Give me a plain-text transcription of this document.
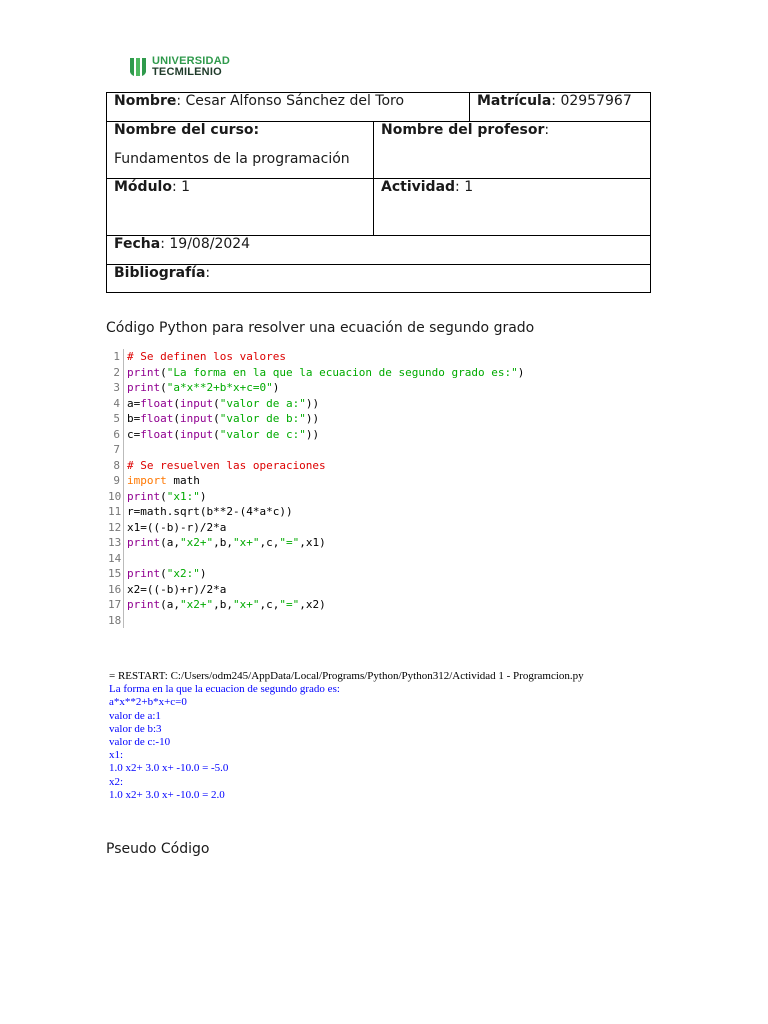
UNIVERSIDAD
TECMILENIO
Nombre: Cesar Alfonso Sánchez del Toro		Matrícula: 02957967
Nombre del curso:
Fundamentos de la programación	Nombre del profesor:	
Módulo: 1	Actividad: 1	
Fecha: 19/08/2024		
Bibliografía:		
Código Python para resolver una ecuación de segundo grado
1 # Se definen los valores
2 print("La forma en la que la ecuacion de segundo grado es:")
3 print("a*x**2+b*x+c=0")
4 a=float(input("valor de a:"))
5 b=float(input("valor de b:"))
6 c=float(input("valor de c:"))
7
8 # Se resuelven las operaciones
9 import math
10 print("x1:")
11 r=math.sqrt(b**2-(4*a*c))
12 x1=((-b)-r)/2*a
13 print(a,"x2+",b,"x+",c,"=",x1)
14
15 print("x2:")
16 x2=((-b)+r)/2*a
17 print(a,"x2+",b,"x+",c,"=",x2)
18
= RESTART: C:/Users/odm245/AppData/Local/Programs/Python/Python312/Actividad 1 - Programcion.py
La forma en la que la ecuacion de segundo grado es:
a*x**2+b*x+c=0
valor de a:1
valor de b:3
valor de c:-10
x1:
1.0 x2+ 3.0 x+ -10.0 = -5.0
x2:
1.0 x2+ 3.0 x+ -10.0 = 2.0
Pseudo Código
